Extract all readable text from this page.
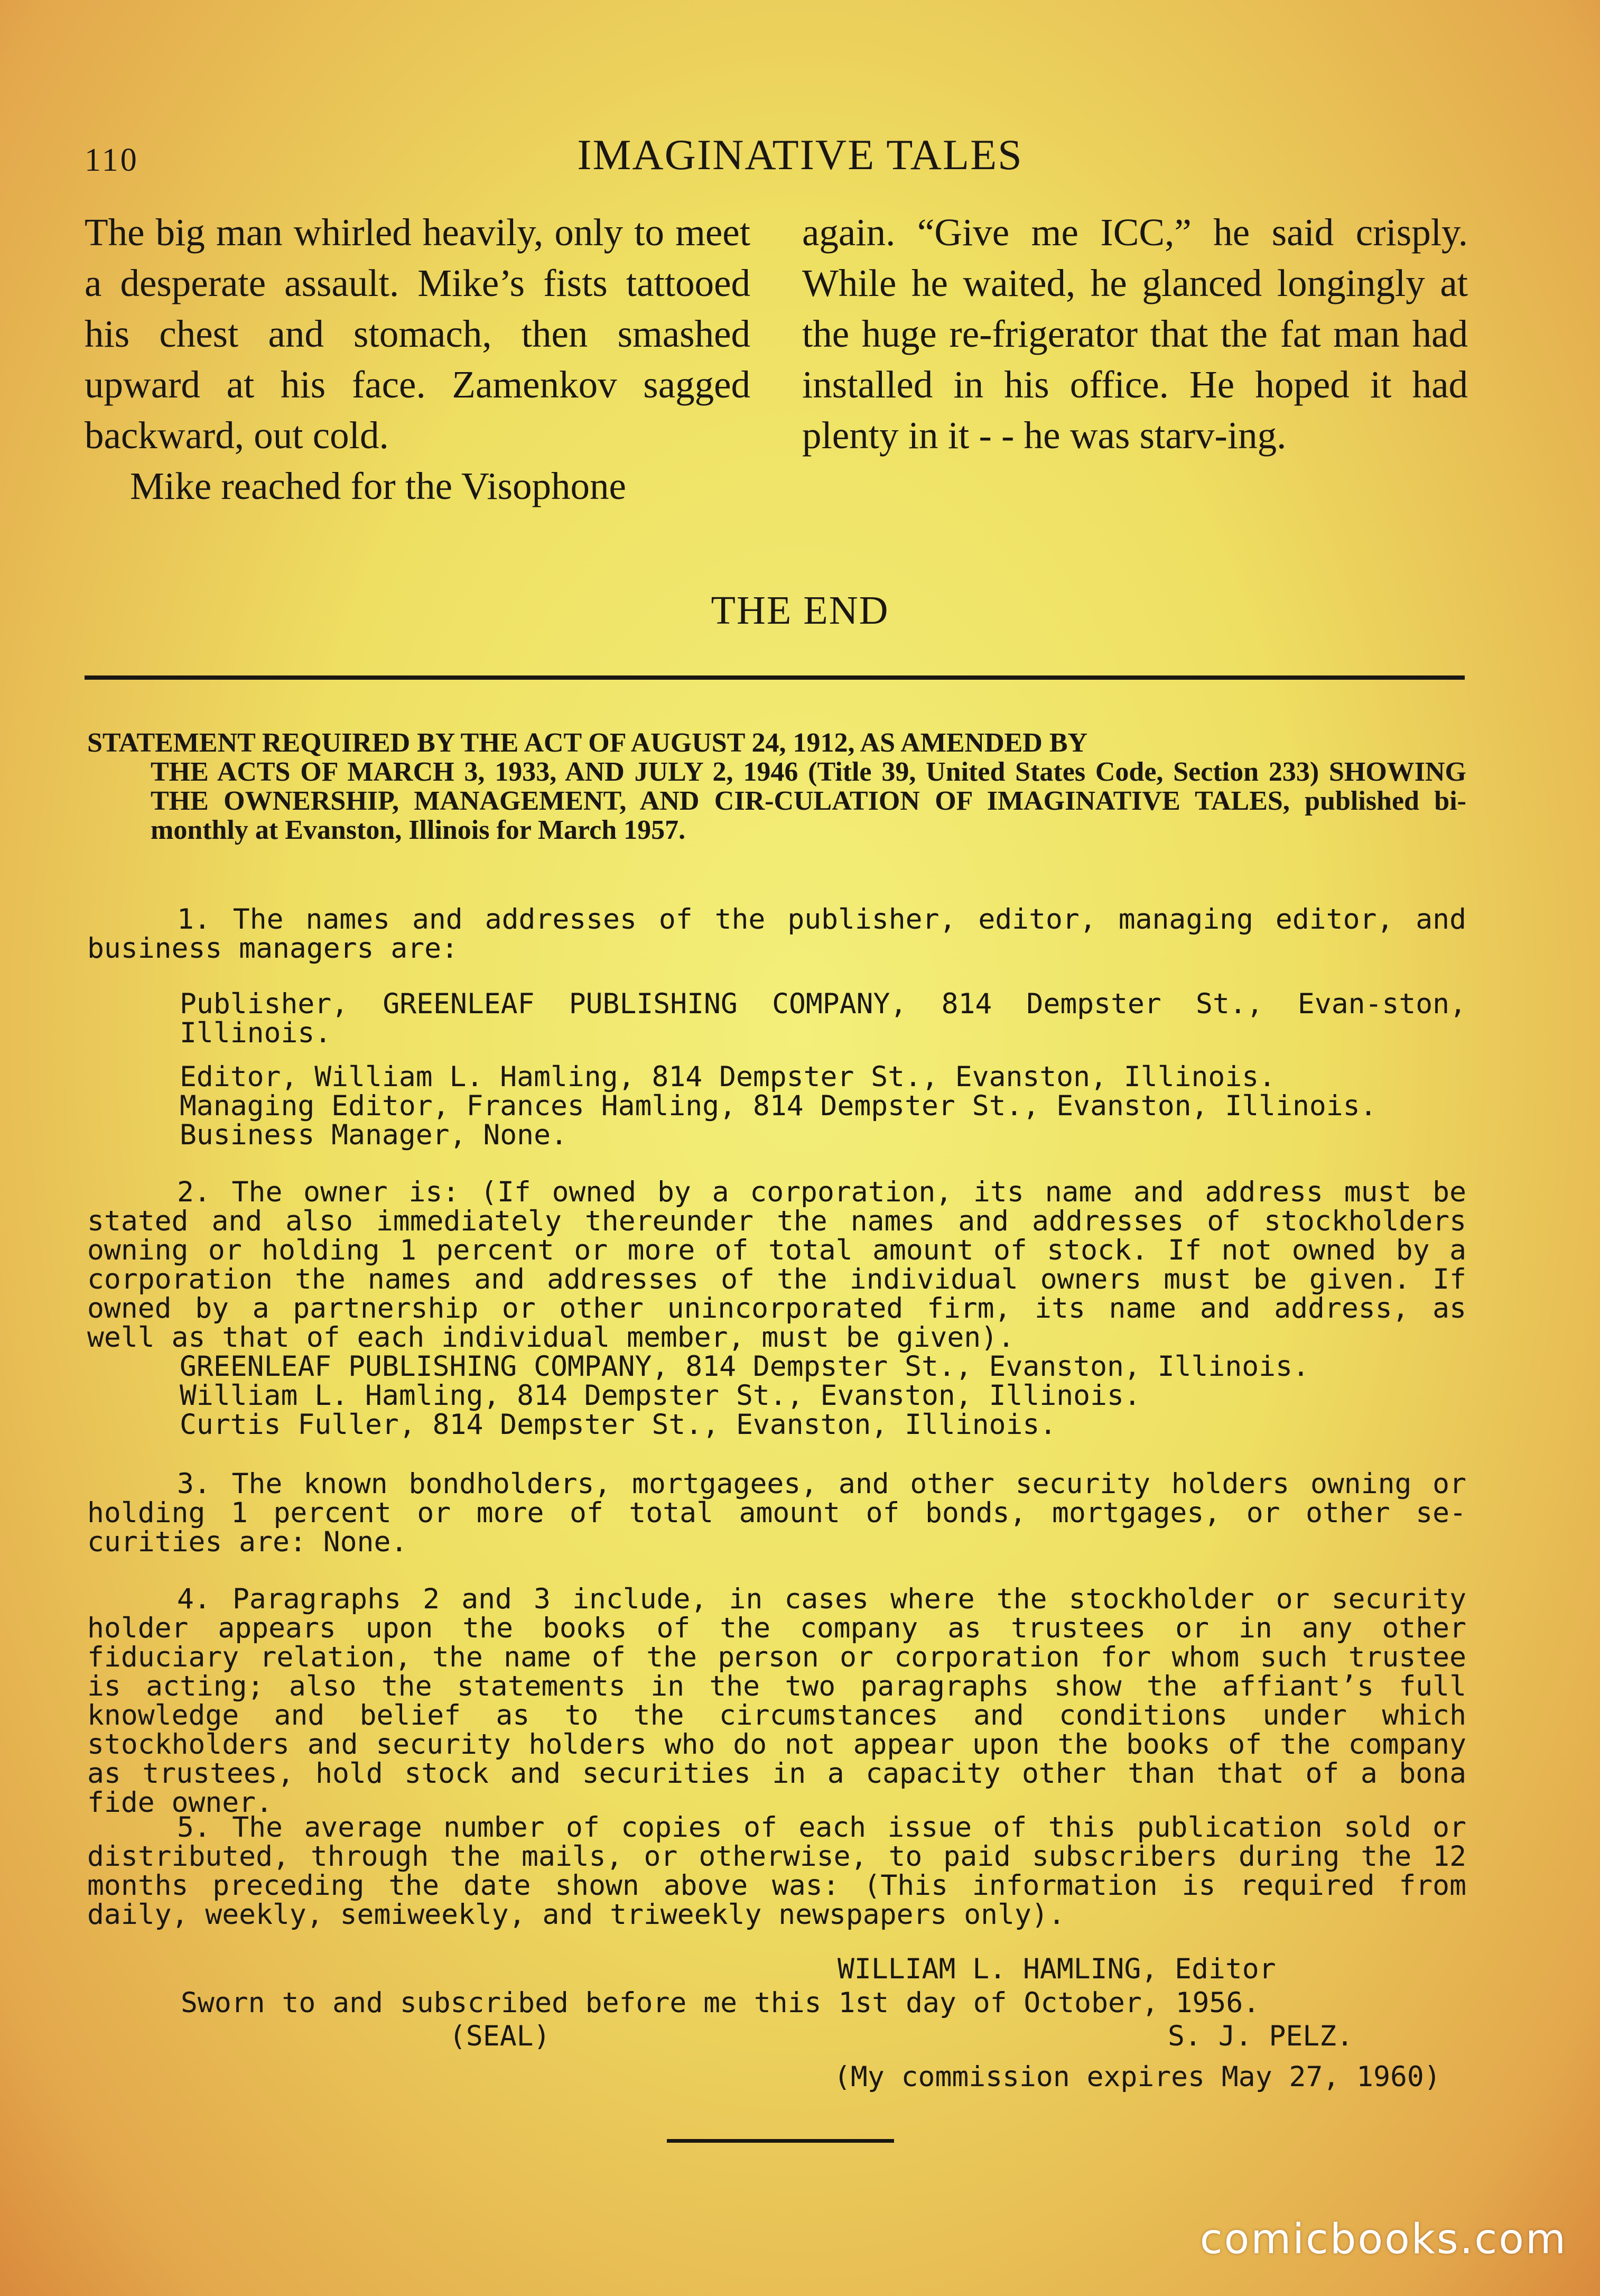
110	IMAGINATIVE TALES

The big man whirled heavily, only to meet a desperate assault. Mike’s fists tattooed his chest and stomach, then smashed upward at his face. Zamenkov sagged backward, out cold.

Mike reached for the Visophone

again. “Give me ICC,” he said crisply. While he waited, he glanced longingly at the huge re-frigerator that the fat man had installed in his office. He hoped it had plenty in it - - he was starv-ing.

THE END
STATEMENT REQUIRED BY THE ACT OF AUGUST 24, 1912, AS AMENDED BY
THE ACTS OF MARCH 3, 1933, AND JULY 2, 1946 (Title 39, United States Code, Section 233) SHOWING THE OWNERSHIP, MANAGEMENT, AND CIR-CULATION OF IMAGINATIVE TALES, published bi-monthly at Evanston, Illinois for March 1957.

1. The names and addresses of the publisher, editor, managing editor, and business managers are:

Publisher, GREENLEAF PUBLISHING COMPANY, 814 Dempster St., Evan-ston, Illinois.

Editor, William L. Hamling, 814 Dempster St., Evanston, Illinois.

Managing Editor, Frances Hamling, 814 Dempster St., Evanston, Illinois.

Business Manager, None.

2. The owner is: (If owned by a corporation, its name and address must be stated and also immediately thereunder the names and addresses of stockholders owning or holding 1 percent or more of total amount of stock. If not owned by a corporation the names and addresses of the individual owners must be given. If owned by a partnership or other unincorporated firm, its name and address, as well as that of each individual member, must be given).

GREENLEAF PUBLISHING COMPANY, 814 Dempster St., Evanston, Illinois.

William L. Hamling, 814 Dempster St., Evanston, Illinois.

Curtis Fuller, 814 Dempster St., Evanston, Illinois.

3. The known bondholders, mortgagees, and other security holders owning or holding 1 percent or more of total amount of bonds, mortgages, or other se-curities are: None.

4. Paragraphs 2 and 3 include, in cases where the stockholder or security holder appears upon the books of the company as trustees or in any other fiduciary relation, the name of the person or corporation for whom such trustee is acting; also the statements in the two paragraphs show the affiant’s full knowledge and belief as to the circumstances and conditions under which stockholders and security holders who do not appear upon the books of the company as trustees, hold stock and securities in a capacity other than that of a bona fide owner.

5. The average number of copies of each issue of this publication sold or distributed, through the mails, or otherwise, to paid subscribers during the 12 months preceding the date shown above was: (This information is required from daily, weekly, semiweekly, and triweekly newspapers only).

WILLIAM L. HAMLING, Editor
Sworn to and subscribed before me this 1st day of October, 1956.
(SEAL)	S. J. PELZ.
(My commission expires May 27, 1960)
comicbooks.com
